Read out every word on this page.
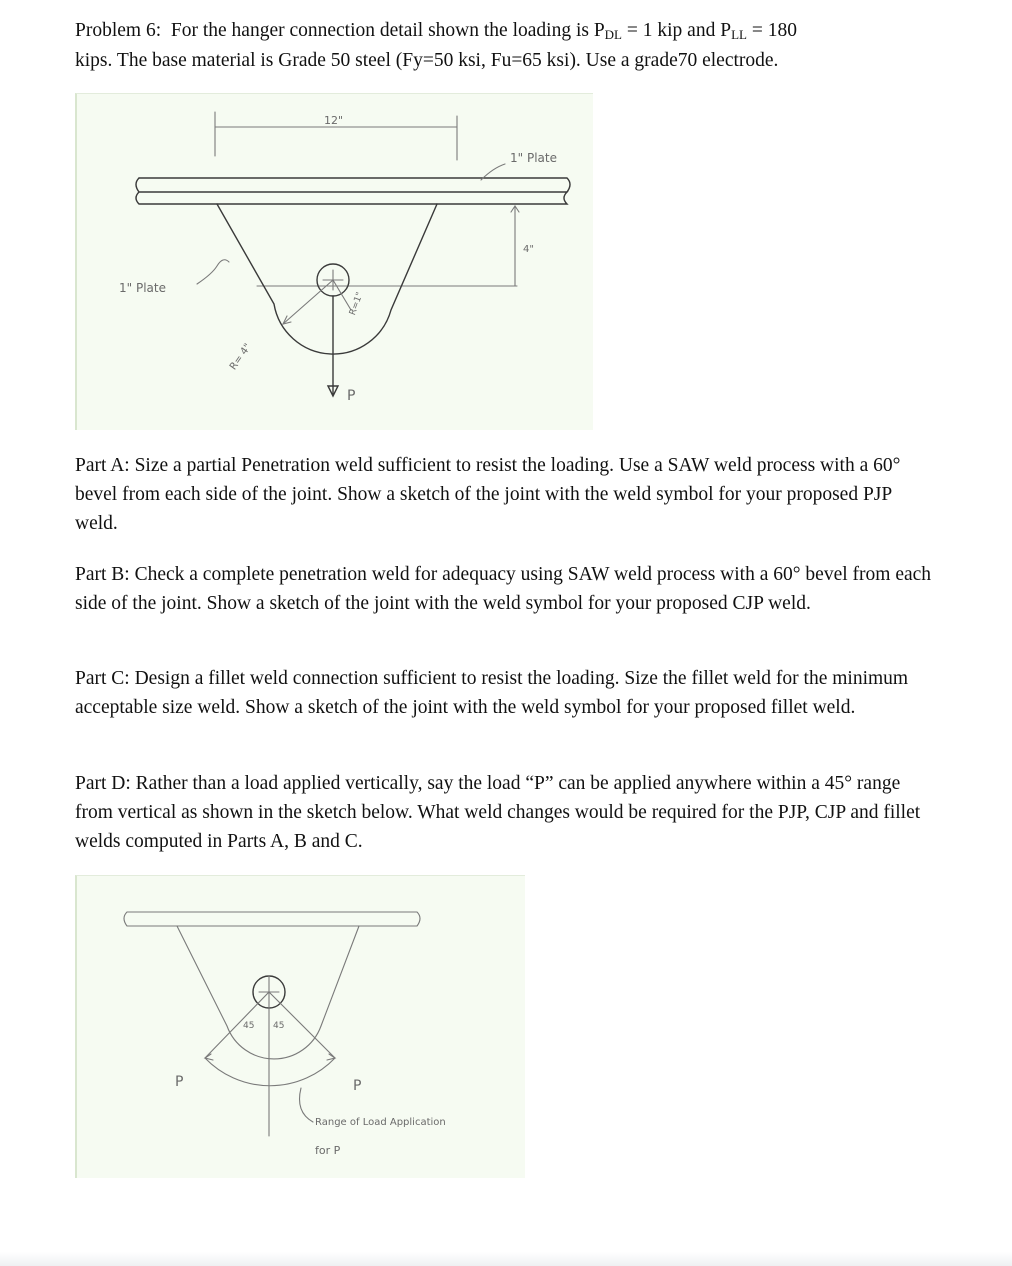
Problem 6: For the hanger connection detail shown the loading is PDL = 1 kip and PLL = 180
kips. The base material is Grade 50 steel (Fy=50 ksi, Fu=65 ksi). Use a grade70 electrode.

12"
1" Plate
4"
R=1"
R= 4"
1" Plate
P

Part A: Size a partial Penetration weld sufficient to resist the loading. Use a SAW weld process with a 60° bevel from each side of the joint. Show a sketch of the joint with the weld symbol for your proposed PJP weld.

Part B: Check a complete penetration weld for adequacy using SAW weld process with a 60° bevel from each side of the joint. Show a sketch of the joint with the weld symbol for your proposed CJP weld.

Part C: Design a fillet weld connection sufficient to resist the loading. Size the fillet weld for the minimum acceptable size weld. Show a sketch of the joint with the weld symbol for your proposed fillet weld.

Part D: Rather than a load applied vertically, say the load “P” can be applied anywhere within a 45° range from vertical as shown in the sketch below. What weld changes would be required for the PJP, CJP and fillet welds computed in Parts A, B and C.

45 45
P	P
Range of Load Application
for P
